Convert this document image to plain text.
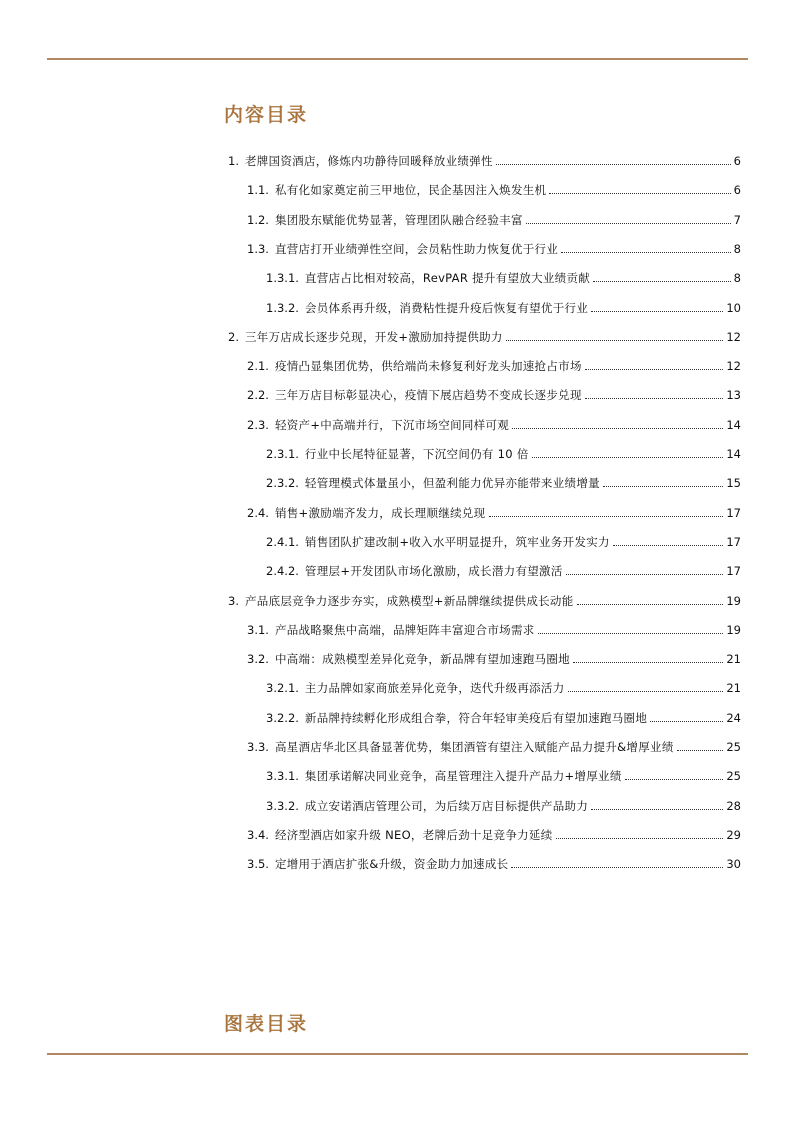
内容目录
1. 老牌国资酒店，修炼内功静待回暖释放业绩弹性	6
1.1. 私有化如家奠定前三甲地位，民企基因注入焕发生机	6
1.2. 集团股东赋能优势显著，管理团队融合经验丰富	7
1.3. 直营店打开业绩弹性空间，会员粘性助力恢复优于行业	8
1.3.1. 直营店占比相对较高，RevPAR 提升有望放大业绩贡献	8
1.3.2. 会员体系再升级，消费粘性提升疫后恢复有望优于行业	10
2. 三年万店成长逐步兑现，开发+激励加持提供助力	12
2.1. 疫情凸显集团优势，供给端尚未修复利好龙头加速抢占市场	12
2.2. 三年万店目标彰显决心，疫情下展店趋势不变成长逐步兑现	13
2.3. 轻资产+中高端并行，下沉市场空间同样可观	14
2.3.1. 行业中长尾特征显著，下沉空间仍有 10 倍	14
2.3.2. 轻管理模式体量虽小，但盈利能力优异亦能带来业绩增量	15
2.4. 销售+激励端齐发力，成长理顺继续兑现	17
2.4.1. 销售团队扩建改制+收入水平明显提升，筑牢业务开发实力	17
2.4.2. 管理层+开发团队市场化激励，成长潜力有望激活	17
3. 产品底层竞争力逐步夯实，成熟模型+新品牌继续提供成长动能	19
3.1. 产品战略聚焦中高端，品牌矩阵丰富迎合市场需求	19
3.2. 中高端：成熟模型差异化竞争，新品牌有望加速跑马圈地	21
3.2.1. 主力品牌如家商旅差异化竞争，迭代升级再添活力	21
3.2.2. 新品牌持续孵化形成组合拳，符合年轻审美疫后有望加速跑马圈地	24
3.3. 高星酒店华北区具备显著优势，集团酒管有望注入赋能产品力提升&增厚业绩	25
3.3.1. 集团承诺解决同业竞争，高星管理注入提升产品力+增厚业绩	25
3.3.2. 成立安诺酒店管理公司，为后续万店目标提供产品助力	28
3.4. 经济型酒店如家升级 NEO，老牌后劲十足竞争力延续	29
3.5. 定增用于酒店扩张&升级，资金助力加速成长	30
图表目录
